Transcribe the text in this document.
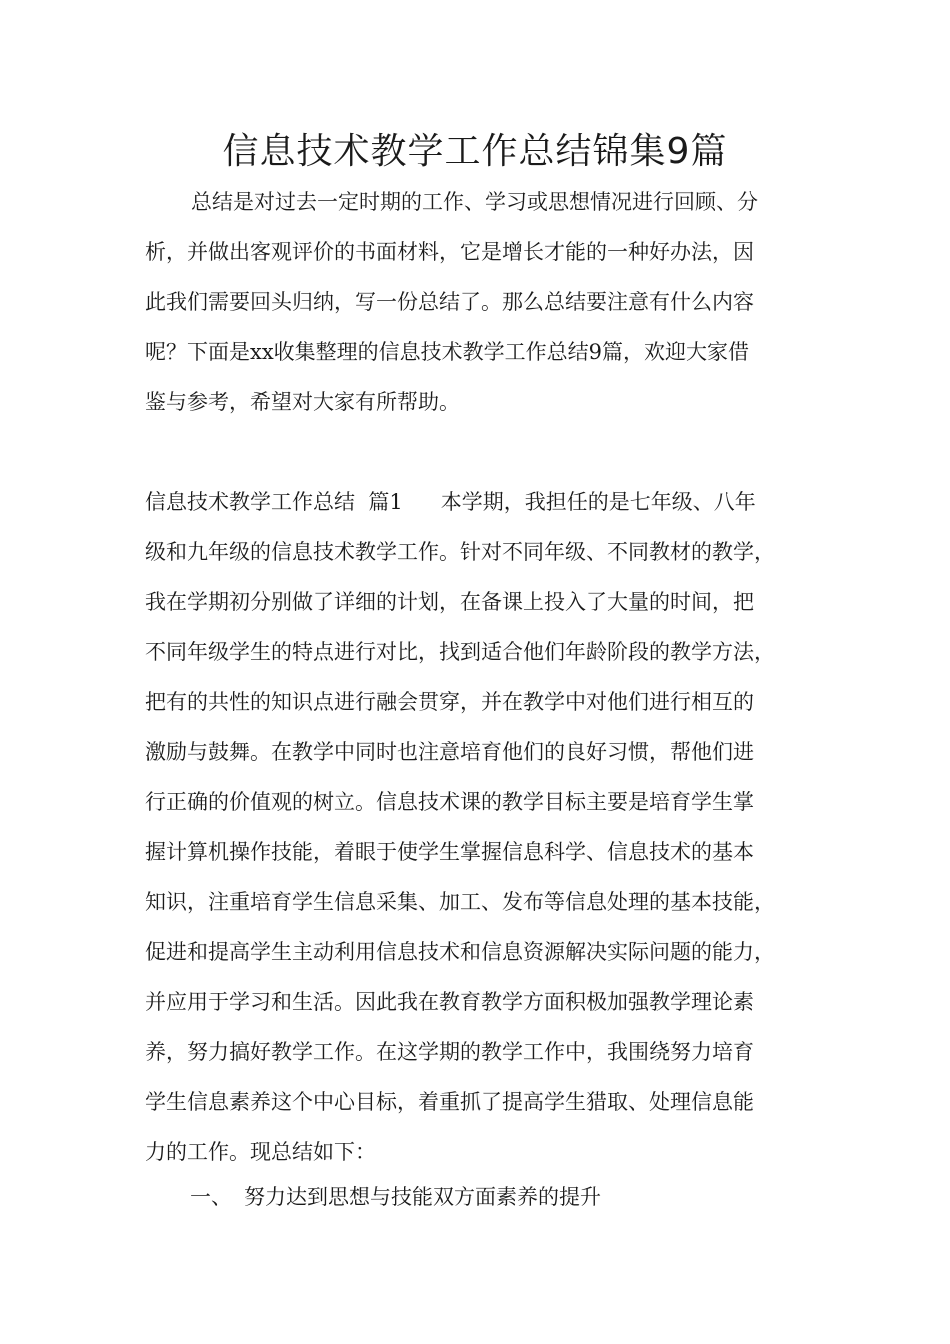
信息技术教学工作总结锦集9篇
总结是对过去一定时期的工作、学习或思想情况进行回顾、分
析，并做出客观评价的书面材料，它是增长才能的一种好办法，因
此我们需要回头归纳，写一份总结了。那么总结要注意有什么内容
呢？下面是xx收集整理的信息技术教学工作总结9篇，欢迎大家借
鉴与参考，希望对大家有所帮助。
信息技术教学工作总结  篇1 本学期，我担任的是七年级、八年
级和九年级的信息技术教学工作。针对不同年级、不同教材的教学，
我在学期初分别做了详细的计划，在备课上投入了大量的时间，把
不同年级学生的特点进行对比，找到适合他们年龄阶段的教学方法，
把有的共性的知识点进行融会贯穿，并在教学中对他们进行相互的
激励与鼓舞。在教学中同时也注意培育他们的良好习惯，帮他们进
行正确的价值观的树立。信息技术课的教学目标主要是培育学生掌
握计算机操作技能，着眼于使学生掌握信息科学、信息技术的基本
知识，注重培育学生信息采集、加工、发布等信息处理的基本技能，
促进和提高学生主动利用信息技术和信息资源解决实际问题的能力，
并应用于学习和生活。因此我在教育教学方面积极加强教学理论素
养，努力搞好教学工作。在这学期的教学工作中，我围绕努力培育
学生信息素养这个中心目标，着重抓了提高学生猎取、处理信息能
力的工作。现总结如下：
一、 努力达到思想与技能双方面素养的提升
